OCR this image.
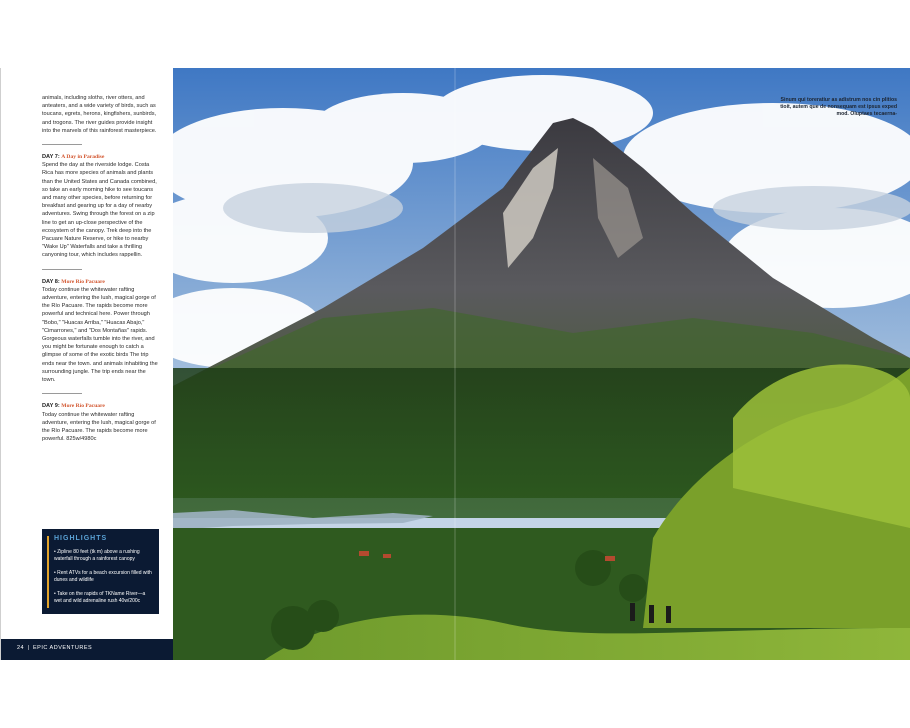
animals, including sloths, river otters, and anteaters, and a wide variety of birds, such as toucans, egrets, herons, kingfishers, sunbirds, and trogons. The river guides provide insight into the marvels of this rainforest masterpiece.

DAY 7: A Day in Paradise

Spend the day at the riverside lodge. Costa Rica has more species of animals and plants than the United States and Canada combined, so take an early morning hike to see toucans and many other species, before returning for breakfast and gearing up for a day of nearby adventures. Swing through the forest on a zip line to get an up-close perspective of the ecosystem of the canopy. Trek deep into the Pacuare Nature Reserve, or hike to nearby "Wake Up" Waterfalls and take a thrilling canyoning tour, which includes rappellin.

DAY 8: More Río Pacuare

Today continue the whitewater rafting adventure, entering the lush, magical gorge of the Río Pacuare. The rapids become more powerful and technical here. Power through "Bobo," "Huacas Arriba," "Huacas Abajo," "Cimarrones," and "Dos Montañas" rapids. Gorgeous waterfalls tumble into the river, and you might be fortunate enough to catch a glimpse of some of the exotic birds The trip ends near the town. and animals inhabiting the surrounding jungle. The trip ends near the town.

DAY 9: More Río Pacuare

Today continue the whitewater rafting adventure, entering the lush, magical gorge of the Río Pacuare. The rapids become more powerful. 825w/4980c

HIGHLIGHTS
• Zipline 80 feet (tk m) above a rushing waterfall through a rainforest canopy
• Rent ATVs for a beach excursion filled with dunes and wildlife
• Take on the rapids of TKName River—a wet and wild adrenaline rush 40w/200c
24 | EPIC ADVENTURES
Sinum qui toreratiur as adistrum nos cin plitios tioit, autem que de nonsequam est ipsus exped mod. Oluptaes tecaerna-
